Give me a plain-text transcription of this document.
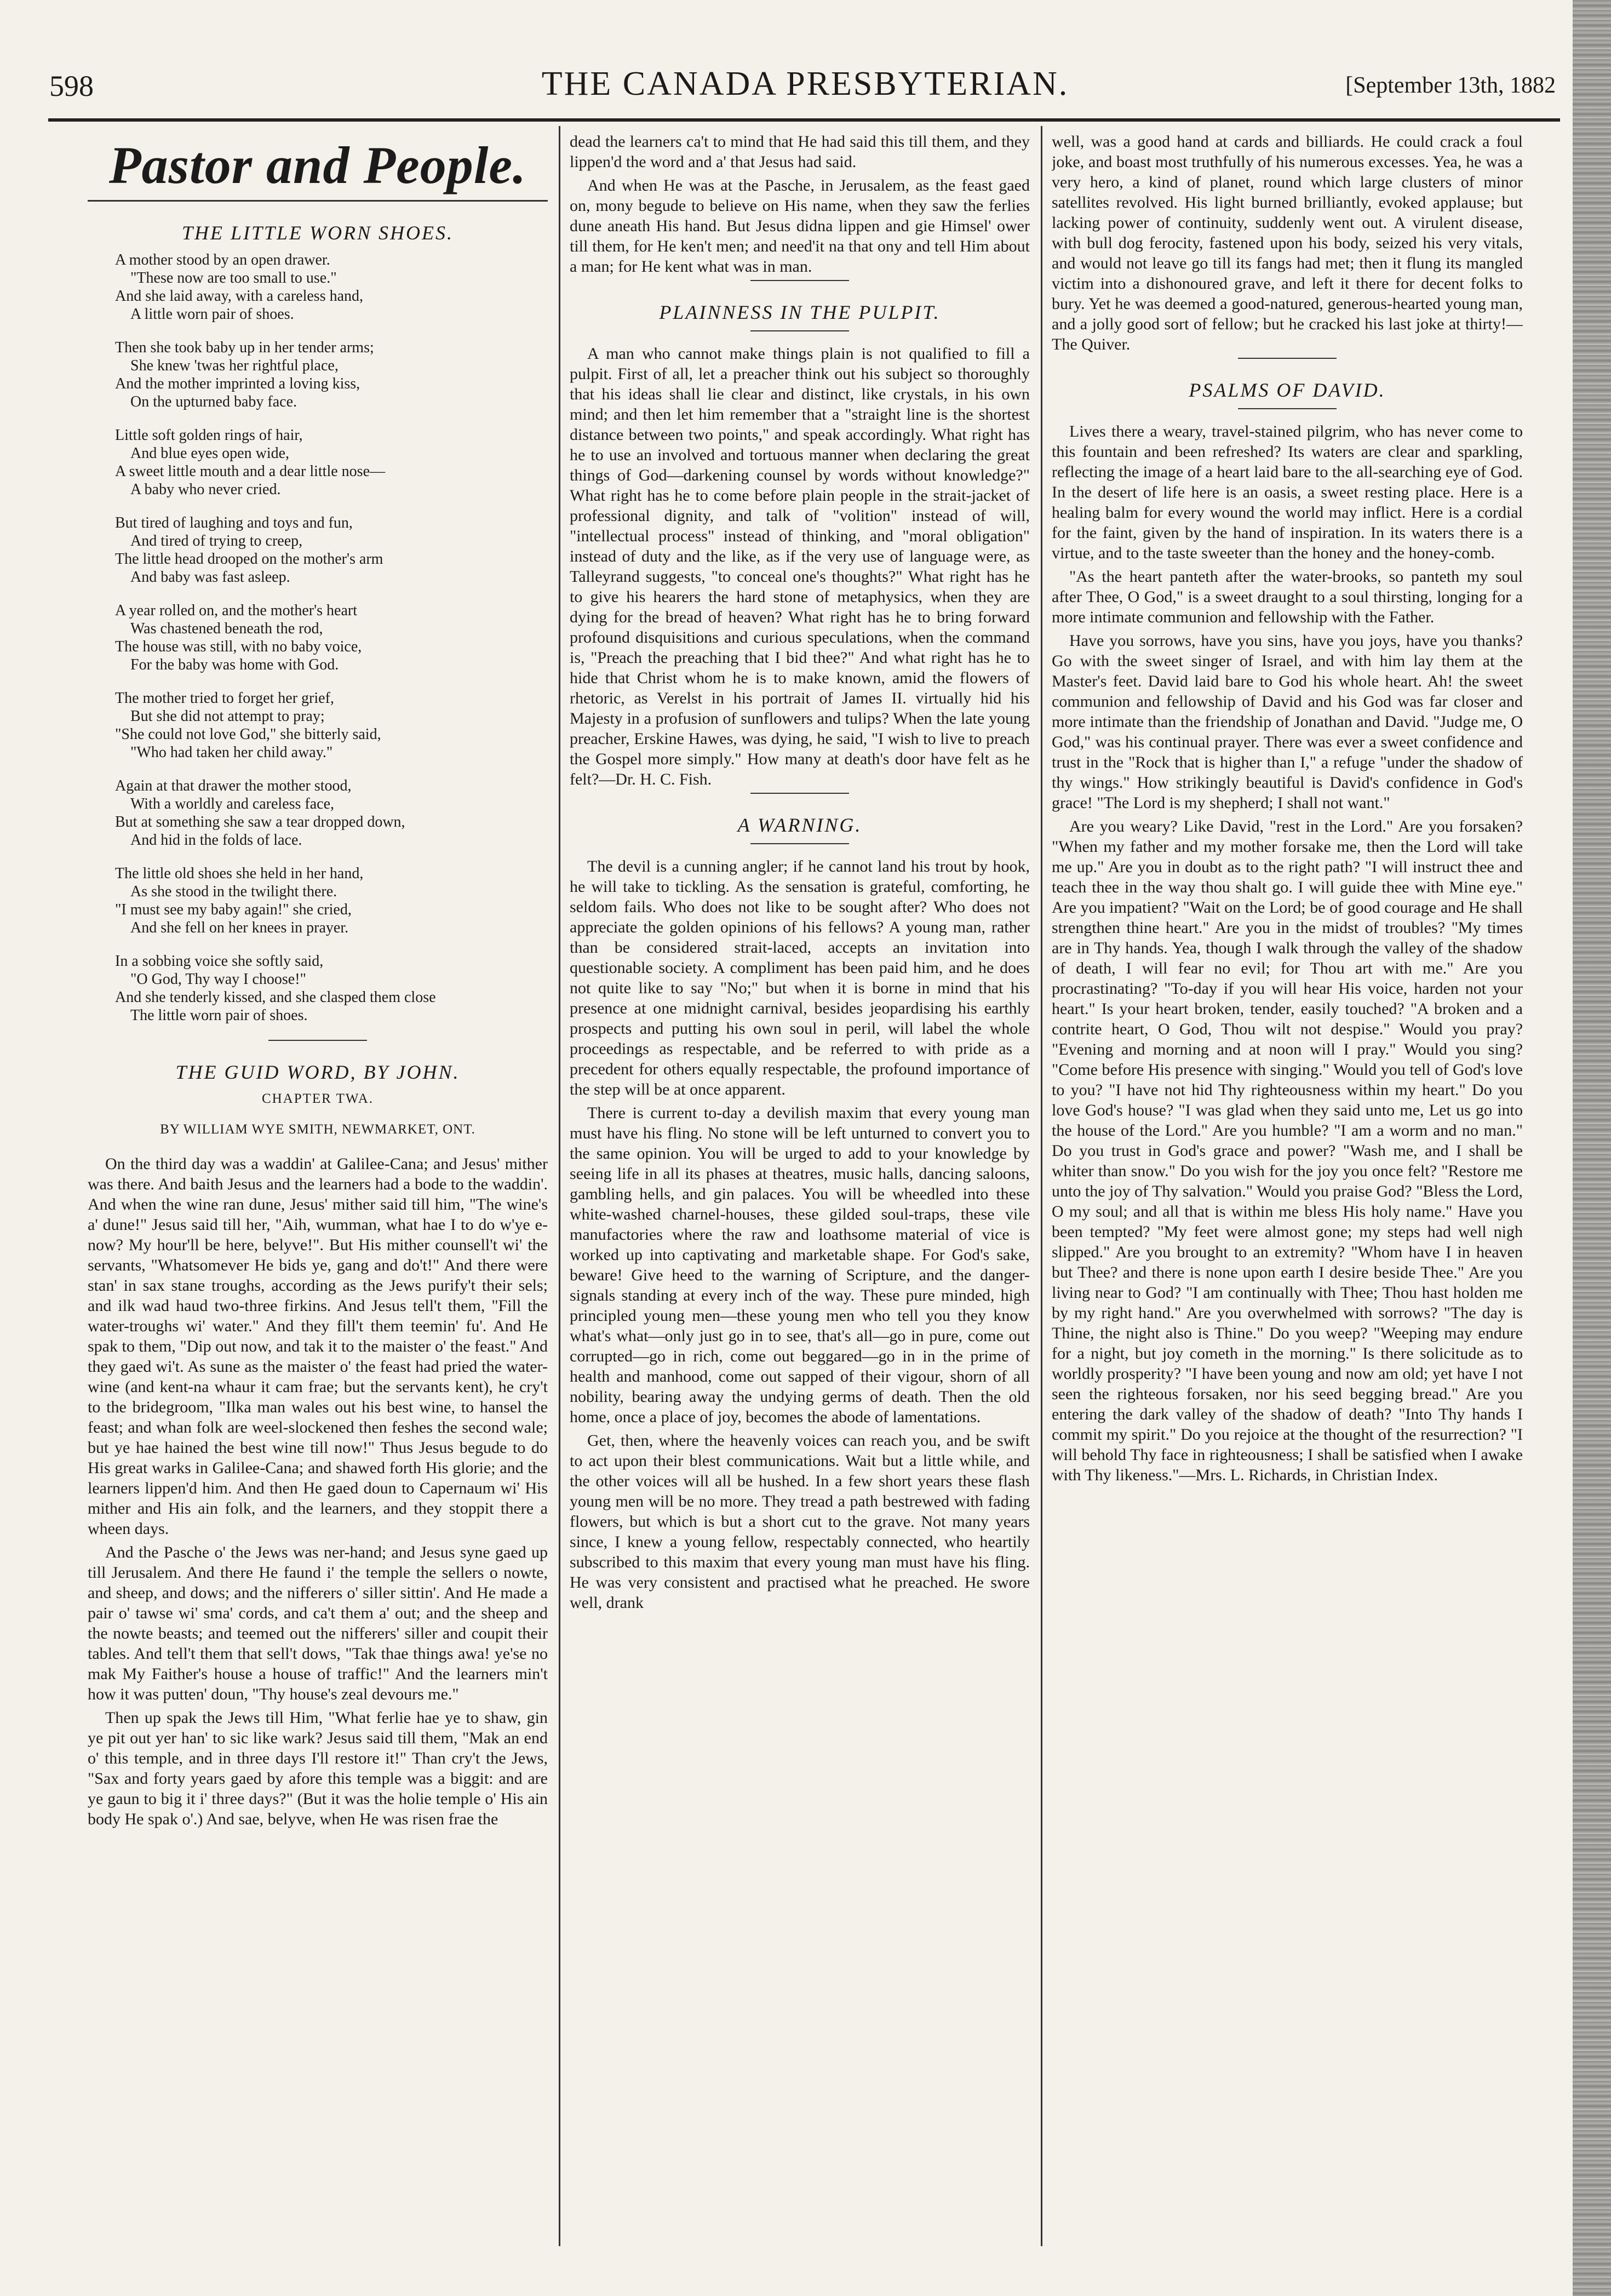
598	THE CANADA PRESBYTERIAN.	[September 13th, 1882
Pastor and People.
THE LITTLE WORN SHOES.
A mother stood by an open drawer.
"These now are too small to use."
And she laid away, with a careless hand,
A little worn pair of shoes.
Then she took baby up in her tender arms;
She knew 'twas her rightful place,
And the mother imprinted a loving kiss,
On the upturned baby face.
Little soft golden rings of hair,
And blue eyes open wide,
A sweet little mouth and a dear little nose—
A baby who never cried.
But tired of laughing and toys and fun,
And tired of trying to creep,
The little head drooped on the mother's arm
And baby was fast asleep.
A year rolled on, and the mother's heart
Was chastened beneath the rod,
The house was still, with no baby voice,
For the baby was home with God.
The mother tried to forget her grief,
But she did not attempt to pray;
"She could not love God," she bitterly said,
"Who had taken her child away."
Again at that drawer the mother stood,
With a worldly and careless face,
But at something she saw a tear dropped down,
And hid in the folds of lace.
The little old shoes she held in her hand,
As she stood in the twilight there.
"I must see my baby again!" she cried,
And she fell on her knees in prayer.
In a sobbing voice she softly said,
"O God, Thy way I choose!"
And she tenderly kissed, and she clasped them close
The little worn pair of shoes.
THE GUID WORD, BY JOHN.
CHAPTER TWA.
BY WILLIAM WYE SMITH, NEWMARKET, ONT.

On the third day was a waddin' at Galilee-Cana; and Jesus' mither was there. And baith Jesus and the learners had a bode to the waddin'. And when the wine ran dune, Jesus' mither said till him, "The wine's a' dune!" Jesus said till her, "Aih, wumman, what hae I to do w'ye e-now? My hour'll be here, belyve!". But His mither counsell't wi' the servants, "Whatsomever He bids ye, gang and do't!" And there were stan' in sax stane troughs, according as the Jews purify't their sels; and ilk wad haud two-three firkins. And Jesus tell't them, "Fill the water-troughs wi' water." And they fill't them teemin' fu'. And He spak to them, "Dip out now, and tak it to the maister o' the feast." And they gaed wi't. As sune as the maister o' the feast had pried the water-wine (and kent-na whaur it cam frae; but the servants kent), he cry't to the bridegroom, "Ilka man wales out his best wine, to hansel the feast; and whan folk are weel-slockened then feshes the second wale; but ye hae hained the best wine till now!" Thus Jesus begude to do His great warks in Galilee-Cana; and shawed forth His glorie; and the learners lippen'd him. And then He gaed doun to Capernaum wi' His mither and His ain folk, and the learners, and they stoppit there a wheen days.

And the Pasche o' the Jews was ner-hand; and Jesus syne gaed up till Jerusalem. And there He faund i' the temple the sellers o nowte, and sheep, and dows; and the nifferers o' siller sittin'. And He made a pair o' tawse wi' sma' cords, and ca't them a' out; and the sheep and the nowte beasts; and teemed out the nifferers' siller and coupit their tables. And tell't them that sell't dows, "Tak thae things awa! ye'se no mak My Faither's house a house of traffic!" And the learners min't how it was putten' doun, "Thy house's zeal devours me."

Then up spak the Jews till Him, "What ferlie hae ye to shaw, gin ye pit out yer han' to sic like wark? Jesus said till them, "Mak an end o' this temple, and in three days I'll restore it!" Than cry't the Jews, "Sax and forty years gaed by afore this temple was a biggit: and are ye gaun to big it i' three days?" (But it was the holie temple o' His ain body He spak o'.) And sae, belyve, when He was risen frae the

dead the learners ca't to mind that He had said this till them, and they lippen'd the word and a' that Jesus had said.

And when He was at the Pasche, in Jerusalem, as the feast gaed on, mony begude to believe on His name, when they saw the ferlies dune aneath His hand. But Jesus didna lippen and gie Himsel' ower till them, for He ken't men; and need'it na that ony and tell Him about a man; for He kent what was in man.

PLAINNESS IN THE PULPIT.

A man who cannot make things plain is not qualified to fill a pulpit. First of all, let a preacher think out his subject so thoroughly that his ideas shall lie clear and distinct, like crystals, in his own mind; and then let him remember that a "straight line is the shortest distance between two points," and speak accordingly. What right has he to use an involved and tortuous manner when declaring the great things of God—darkening counsel by words without knowledge?" What right has he to come before plain people in the strait-jacket of professional dignity, and talk of "volition" instead of will, "intellectual process" instead of thinking, and "moral obligation" instead of duty and the like, as if the very use of language were, as Talleyrand suggests, "to conceal one's thoughts?" What right has he to give his hearers the hard stone of metaphysics, when they are dying for the bread of heaven? What right has he to bring forward profound disquisitions and curious speculations, when the command is, "Preach the preaching that I bid thee?" And what right has he to hide that Christ whom he is to make known, amid the flowers of rhetoric, as Verelst in his portrait of James II. virtually hid his Majesty in a profusion of sunflowers and tulips? When the late young preacher, Erskine Hawes, was dying, he said, "I wish to live to preach the Gospel more simply." How many at death's door have felt as he felt?—Dr. H. C. Fish.

A WARNING.

The devil is a cunning angler; if he cannot land his trout by hook, he will take to tickling. As the sensation is grateful, comforting, he seldom fails. Who does not like to be sought after? Who does not appreciate the golden opinions of his fellows? A young man, rather than be considered strait-laced, accepts an invitation into questionable society. A compliment has been paid him, and he does not quite like to say "No;" but when it is borne in mind that his presence at one midnight carnival, besides jeopardising his earthly prospects and putting his own soul in peril, will label the whole proceedings as respectable, and be referred to with pride as a precedent for others equally respectable, the profound importance of the step will be at once apparent.

There is current to-day a devilish maxim that every young man must have his fling. No stone will be left unturned to convert you to the same opinion. You will be urged to add to your knowledge by seeing life in all its phases at theatres, music halls, dancing saloons, gambling hells, and gin palaces. You will be wheedled into these white-washed charnel-houses, these gilded soul-traps, these vile manufactories where the raw and loathsome material of vice is worked up into captivating and marketable shape. For God's sake, beware! Give heed to the warning of Scripture, and the danger-signals standing at every inch of the way. These pure minded, high principled young men—these young men who tell you they know what's what—only just go in to see, that's all—go in pure, come out corrupted—go in rich, come out beggared—go in in the prime of health and manhood, come out sapped of their vigour, shorn of all nobility, bearing away the undying germs of death. Then the old home, once a place of joy, becomes the abode of lamentations.

Get, then, where the heavenly voices can reach you, and be swift to act upon their blest communications. Wait but a little while, and the other voices will all be hushed. In a few short years these flash young men will be no more. They tread a path bestrewed with fading flowers, but which is but a short cut to the grave. Not many years since, I knew a young fellow, respectably connected, who heartily subscribed to this maxim that every young man must have his fling. He was very consistent and practised what he preached. He swore well, drank

well, was a good hand at cards and billiards. He could crack a foul joke, and boast most truthfully of his numerous excesses. Yea, he was a very hero, a kind of planet, round which large clusters of minor satellites revolved. His light burned brilliantly, evoked applause; but lacking power of continuity, suddenly went out. A virulent disease, with bull dog ferocity, fastened upon his body, seized his very vitals, and would not leave go till its fangs had met; then it flung its mangled victim into a dishonoured grave, and left it there for decent folks to bury. Yet he was deemed a good-natured, generous-hearted young man, and a jolly good sort of fellow; but he cracked his last joke at thirty!—The Quiver.

PSALMS OF DAVID.

Lives there a weary, travel-stained pilgrim, who has never come to this fountain and been refreshed? Its waters are clear and sparkling, reflecting the image of a heart laid bare to the all-searching eye of God. In the desert of life here is an oasis, a sweet resting place. Here is a healing balm for every wound the world may inflict. Here is a cordial for the faint, given by the hand of inspiration. In its waters there is a virtue, and to the taste sweeter than the honey and the honey-comb.

"As the heart panteth after the water-brooks, so panteth my soul after Thee, O God," is a sweet draught to a soul thirsting, longing for a more intimate communion and fellowship with the Father.

Have you sorrows, have you sins, have you joys, have you thanks? Go with the sweet singer of Israel, and with him lay them at the Master's feet. David laid bare to God his whole heart. Ah! the sweet communion and fellowship of David and his God was far closer and more intimate than the friendship of Jonathan and David. "Judge me, O God," was his continual prayer. There was ever a sweet confidence and trust in the "Rock that is higher than I," a refuge "under the shadow of thy wings." How strikingly beautiful is David's confidence in God's grace! "The Lord is my shepherd; I shall not want."

Are you weary? Like David, "rest in the Lord." Are you forsaken? "When my father and my mother forsake me, then the Lord will take me up." Are you in doubt as to the right path? "I will instruct thee and teach thee in the way thou shalt go. I will guide thee with Mine eye." Are you impatient? "Wait on the Lord; be of good courage and He shall strengthen thine heart." Are you in the midst of troubles? "My times are in Thy hands. Yea, though I walk through the valley of the shadow of death, I will fear no evil; for Thou art with me." Are you procrastinating? "To-day if you will hear His voice, harden not your heart." Is your heart broken, tender, easily touched? "A broken and a contrite heart, O God, Thou wilt not despise." Would you pray? "Evening and morning and at noon will I pray." Would you sing? "Come before His presence with singing." Would you tell of God's love to you? "I have not hid Thy righteousness within my heart." Do you love God's house? "I was glad when they said unto me, Let us go into the house of the Lord." Are you humble? "I am a worm and no man." Do you trust in God's grace and power? "Wash me, and I shall be whiter than snow." Do you wish for the joy you once felt? "Restore me unto the joy of Thy salvation." Would you praise God? "Bless the Lord, O my soul; and all that is within me bless His holy name." Have you been tempted? "My feet were almost gone; my steps had well nigh slipped." Are you brought to an extremity? "Whom have I in heaven but Thee? and there is none upon earth I desire beside Thee." Are you living near to God? "I am continually with Thee; Thou hast holden me by my right hand." Are you overwhelmed with sorrows? "The day is Thine, the night also is Thine." Do you weep? "Weeping may endure for a night, but joy cometh in the morning." Is there solicitude as to worldly prosperity? "I have been young and now am old; yet have I not seen the righteous forsaken, nor his seed begging bread." Are you entering the dark valley of the shadow of death? "Into Thy hands I commit my spirit." Do you rejoice at the thought of the resurrection? "I will behold Thy face in righteousness; I shall be satisfied when I awake with Thy likeness."—Mrs. L. Richards, in Christian Index.
